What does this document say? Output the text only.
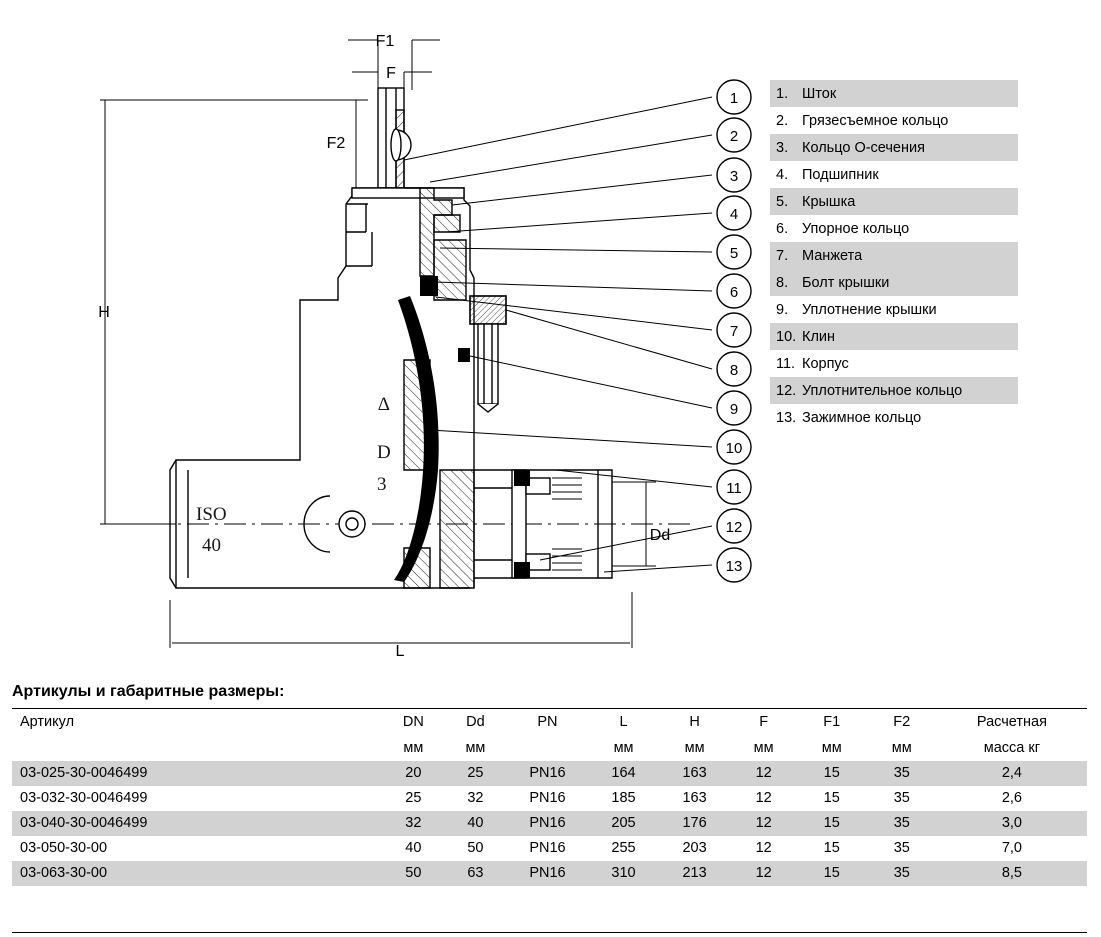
1
2
3
4
5
6
7
8
9
10
11
12
13
F1
F
F2
H
Dd
L
ISO
40
D
3
∆
1. Шток
2. Грязесъемное кольцо
3. Кольцо О-сечения
4. Подшипник
5. Крышка
6. Упорное кольцо
7. Манжета
8. Болт крышки
9. Уплотнение крышки
10. Клин
11. Корпус
12. Уплотнительное кольцо
13. Зажимное кольцо
Артикулы и габаритные размеры:
Артикул	DN	Dd	PN	L	H	F	F1	F2	Расчетная
	мм	мм		мм	мм	мм	мм	мм	масса кг
03-025-30-0046499	20	25	PN16	164	163	12	15	35	2,4
03-032-30-0046499	25	32	PN16	185	163	12	15	35	2,6
03-040-30-0046499	32	40	PN16	205	176	12	15	35	3,0
03-050-30-00	40	50	PN16	255	203	12	15	35	7,0
03-063-30-00	50	63	PN16	310	213	12	15	35	8,5
